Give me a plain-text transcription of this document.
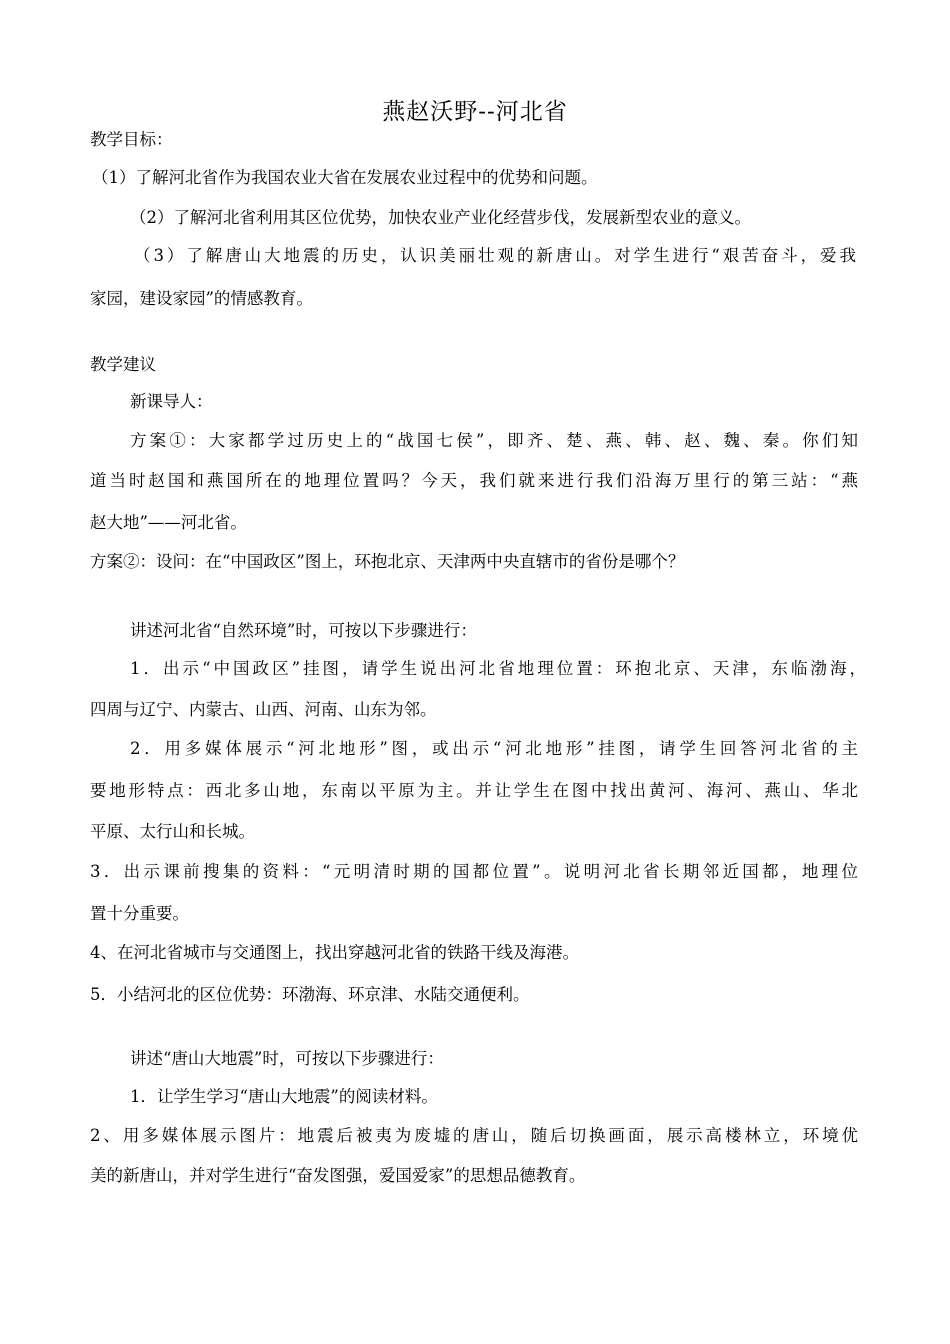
燕赵沃野--河北省
教学目标：
（1）了解河北省作为我国农业大省在发展农业过程中的优势和问题。
（2）了解河北省利用其区位优势，加快农业产业化经营步伐，发展新型农业的意义。
（3）了解唐山大地震的历史，认识美丽壮观的新唐山。对学生进行“艰苦奋斗，爱我
家园，建设家园”的情感教育。
教学建议
新课导人：
方案①：大家都学过历史上的“战国七侯”，即齐、楚、燕、韩、赵、魏、秦。你们知
道当时赵国和燕国所在的地理位置吗？今天，我们就来进行我们沿海万里行的第三站：“燕
赵大地”——河北省。
方案②：设问：在“中国政区”图上，环抱北京、天津两中央直辖市的省份是哪个？
讲述河北省“自然环境”时，可按以下步骤进行：
1．出示“中国政区”挂图，请学生说出河北省地理位置：环抱北京、天津，东临渤海，
四周与辽宁、内蒙古、山西、河南、山东为邻。
2．用多媒体展示“河北地形”图，或出示“河北地形”挂图，请学生回答河北省的主
要地形特点：西北多山地，东南以平原为主。并让学生在图中找出黄河、海河、燕山、华北
平原、太行山和长城。
3．出示课前搜集的资料：“元明清时期的国都位置”。说明河北省长期邻近国都，地理位
置十分重要。
4、在河北省城市与交通图上，找出穿越河北省的铁路干线及海港。
5．小结河北的区位优势：环渤海、环京津、水陆交通便利。
讲述“唐山大地震”时，可按以下步骤进行：
1．让学生学习“唐山大地震”的阅读材料。
2、用多媒体展示图片：地震后被夷为废墟的唐山，随后切换画面，展示高楼林立，环境优
美的新唐山，并对学生进行“奋发图强，爱国爱家”的思想品德教育。
